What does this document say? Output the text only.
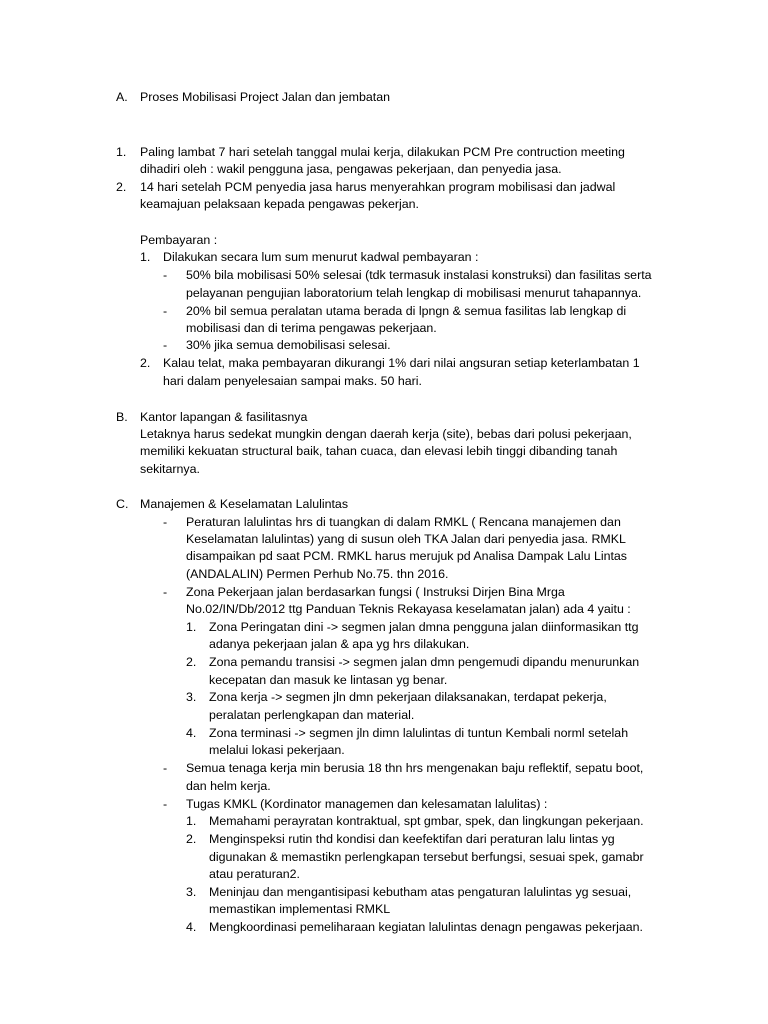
A. Proses Mobilisasi Project Jalan dan jembatan
1. Paling lambat 7 hari setelah tanggal mulai kerja, dilakukan PCM Pre contruction meeting
dihadiri oleh : wakil pengguna jasa, pengawas pekerjaan, dan penyedia jasa.
2. 14 hari setelah PCM penyedia jasa harus menyerahkan program mobilisasi dan jadwal
keamajuan pelaksaan kepada pengawas pekerjan.
Pembayaran :
1. Dilakukan secara lum sum menurut kadwal pembayaran :
- 50% bila mobilisasi 50% selesai (tdk termasuk instalasi konstruksi) dan fasilitas serta
pelayanan pengujian laboratorium telah lengkap di mobilisasi menurut tahapannya.
- 20% bil semua peralatan utama berada di lpngn & semua fasilitas lab lengkap di
mobilisasi dan di terima pengawas pekerjaan.
- 30% jika semua demobilisasi selesai.
2. Kalau telat, maka pembayaran dikurangi 1% dari nilai angsuran setiap keterlambatan 1
hari dalam penyelesaian sampai maks. 50 hari.
B. Kantor lapangan & fasilitasnya
Letaknya harus sedekat mungkin dengan daerah kerja (site), bebas dari polusi pekerjaan,
memiliki kekuatan structural baik, tahan cuaca, dan elevasi lebih tinggi dibanding tanah
sekitarnya.
C. Manajemen & Keselamatan Lalulintas
- Peraturan lalulintas hrs di tuangkan di dalam RMKL ( Rencana manajemen dan
Keselamatan lalulintas) yang di susun oleh TKA Jalan dari penyedia jasa. RMKL
disampaikan pd saat PCM. RMKL harus merujuk pd Analisa Dampak Lalu Lintas
(ANDALALIN) Permen Perhub No.75. thn 2016.
- Zona Pekerjaan jalan berdasarkan fungsi ( Instruksi Dirjen Bina Mrga
No.02/IN/Db/2012 ttg Panduan Teknis Rekayasa keselamatan jalan) ada 4 yaitu :
1. Zona Peringatan dini -> segmen jalan dmna pengguna jalan diinformasikan ttg
adanya pekerjaan jalan & apa yg hrs dilakukan.
2. Zona pemandu transisi -> segmen jalan dmn pengemudi dipandu menurunkan
kecepatan dan masuk ke lintasan yg benar.
3. Zona kerja -> segmen jln dmn pekerjaan dilaksanakan, terdapat pekerja,
peralatan perlengkapan dan material.
4. Zona terminasi -> segmen jln dimn lalulintas di tuntun Kembali norml setelah
melalui lokasi pekerjaan.
- Semua tenaga kerja min berusia 18 thn hrs mengenakan baju reflektif, sepatu boot,
dan helm kerja.
- Tugas KMKL (Kordinator managemen dan kelesamatan lalulitas) :
1. Memahami perayratan kontraktual, spt gmbar, spek, dan lingkungan pekerjaan.
2. Menginspeksi rutin thd kondisi dan keefektifan dari peraturan lalu lintas yg
digunakan & memastikn perlengkapan tersebut berfungsi, sesuai spek, gamabr
atau peraturan2.
3. Meninjau dan mengantisipasi kebutham atas pengaturan lalulintas yg sesuai,
memastikan implementasi RMKL
4. Mengkoordinasi pemeliharaan kegiatan lalulintas denagn pengawas pekerjaan.
